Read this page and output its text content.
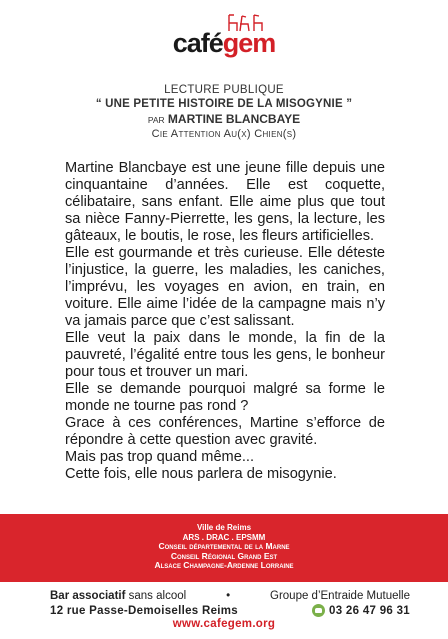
café gem
LECTURE PUBLIQUE
“ UNE PETITE HISTOIRE DE LA MISOGYNIE ”
PAR MARTINE BLANCBAYE
Cie Attention Au(x) Chien(s)

Martine Blancbaye est une jeune fille depuis une cinquantaine d’années. Elle est coquette, célibataire, sans enfant. Elle aime plus que tout sa nièce Fanny-Pierrette, les gens, la lecture, les gâteaux, le boutis, le rose, les fleurs artificielles.

Elle est gourmande et très curieuse. Elle déteste l’injustice, la guerre, les maladies, les caniches, l’imprévu, les voyages en avion, en train, en voiture. Elle aime l’idée de la campagne mais n’y va jamais parce que c’est salissant.

Elle veut la paix dans le monde, la fin de la pauvreté, l’égalité entre tous les gens, le bonheur pour tous et trouver un mari.

Elle se demande pourquoi malgré sa forme le monde ne tourne pas rond ?

Grace à ces conférences, Martine s’efforce de répondre à cette question avec gravité.

Mais pas trop quand même...

Cette fois, elle nous parlera de misogynie.

Ville de Reims
ARS . DRAC . EPSMM
Conseil départemental de la Marne
Conseil Régional Grand Est
Alsace Champagne-Ardenne Lorraine
Bar associatif sans alcool	•	Groupe d’Entraide Mutuelle
12 rue Passe-Demoiselles Reims	03 26 47 96 31
www.cafegem.org
